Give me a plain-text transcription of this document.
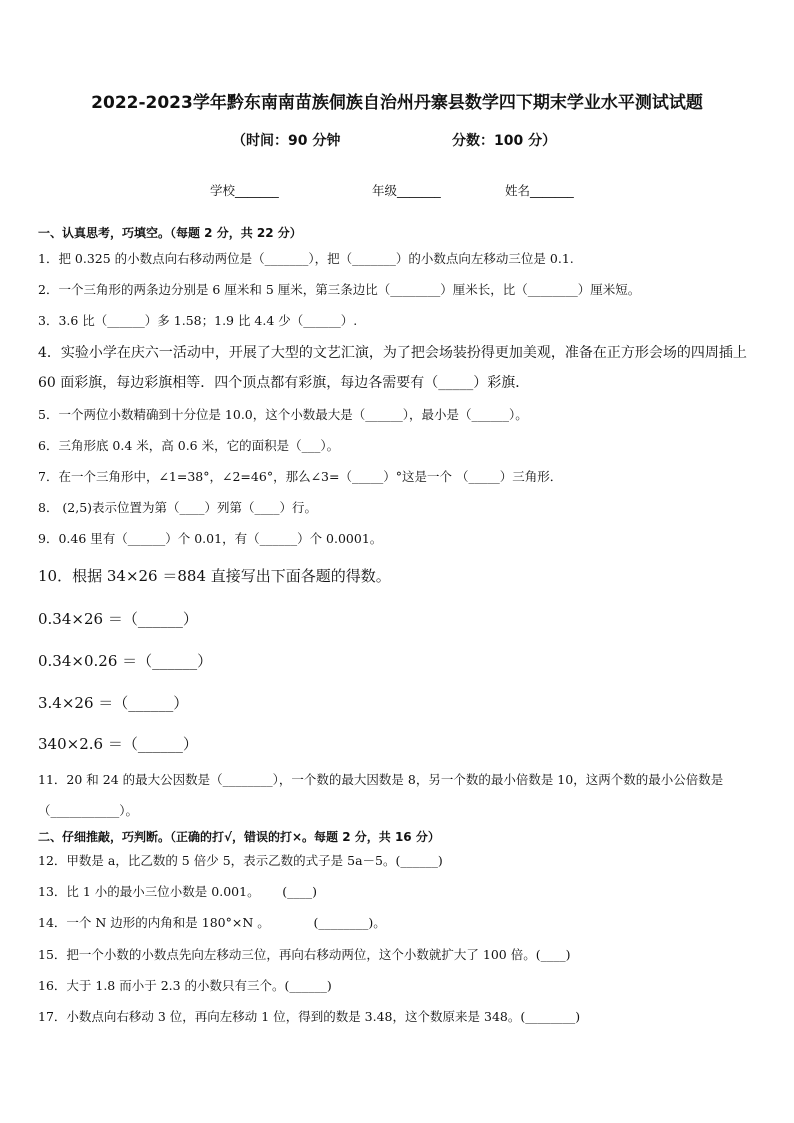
2022-2023学年黔东南南苗族侗族自治州丹寨县数学四下期末学业水平测试试题
（时间：90 分钟	分数：100 分）
学校_______	年级_______	姓名_______
一、认真思考，巧填空。（每题 2 分，共 22 分）
1．把 0.325 的小数点向右移动两位是（_______），把（_______）的小数点向左移动三位是 0.1.
2．一个三角形的两条边分别是 6 厘米和 5 厘米，第三条边比（________）厘米长，比（________）厘米短。
3．3.6 比（______）多 1.58；1.9 比 4.4 少（______）.
4．实验小学在庆六一活动中，开展了大型的文艺汇演，为了把会场装扮得更加美观，准备在正方形会场的四周插上 60 面彩旗，每边彩旗相等．四个顶点都有彩旗，每边各需要有（_____）彩旗．
5．一个两位小数精确到十分位是 10.0，这个小数最大是（______），最小是（______）。
6．三角形底 0.4 米，高 0.6 米，它的面积是（___）。
7．在一个三角形中，∠1=38°，∠2=46°，那么∠3=（_____）°这是一个 （_____）三角形．
8． (2,5)表示位置为第（____）列第（____）行。
9．0.46 里有（______）个 0.01，有（______）个 0.0001。
10．根据 34×26 ＝884 直接写出下面各题的得数。
0.34×26 ＝（______）
0.34×0.26 ＝（______）
3.4×26 ＝（______）
340×2.6 ＝（______）
11．20 和 24 的最大公因数是（________），一个数的最大因数是 8，另一个数的最小倍数是 10，这两个数的最小公倍数是（___________）。
二、仔细推敲，巧判断。（正确的打√，错误的打×。每题 2 分，共 16 分）
12．甲数是 a，比乙数的 5 倍少 5，表示乙数的式子是 5a－5。(______)
13．比 1 小的最小三位小数是 0.001。　　 (____)
14．一个 N 边形的内角和是 180°×N 。　　　　(________)。
15．把一个小数的小数点先向左移动三位，再向右移动两位，这个小数就扩大了 100 倍。(____)
16．大于 1.8 而小于 2.3 的小数只有三个。(______)
17．小数点向右移动 3 位，再向左移动 1 位，得到的数是 3.48，这个数原来是 348。(________)
